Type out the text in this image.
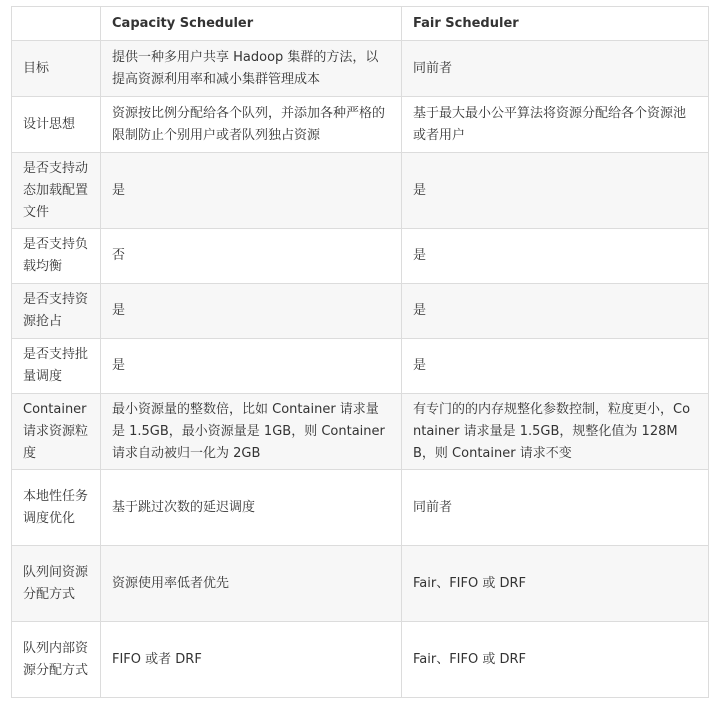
	Capacity Scheduler	Fair Scheduler
目标	提供一种多用户共享 Hadoop 集群的方法，以提高资源利用率和减小集群管理成本	同前者
设计思想	资源按比例分配给各个队列，并添加各种严格的限制防止个别用户或者队列独占资源	基于最大最小公平算法将资源分配给各个资源池或者用户
是否支持动态加载配置文件	是	是
是否支持负载均衡	否	是
是否支持资源抢占	是	是
是否支持批量调度	是	是
Container 请求资源粒度	最小资源量的整数倍，比如 Container 请求量是 1.5GB，最小资源量是 1GB，则 Container 请求自动被归一化为 2GB	有专门的的内存规整化参数控制，粒度更小，Container 请求量是 1.5GB，规整化值为 128MB，则 Container 请求不变
本地性任务调度优化	基于跳过次数的延迟调度	同前者
队列间资源分配方式	资源使用率低者优先	Fair、FIFO 或 DRF
队列内部资源分配方式	FIFO 或者 DRF	Fair、FIFO 或 DRF
